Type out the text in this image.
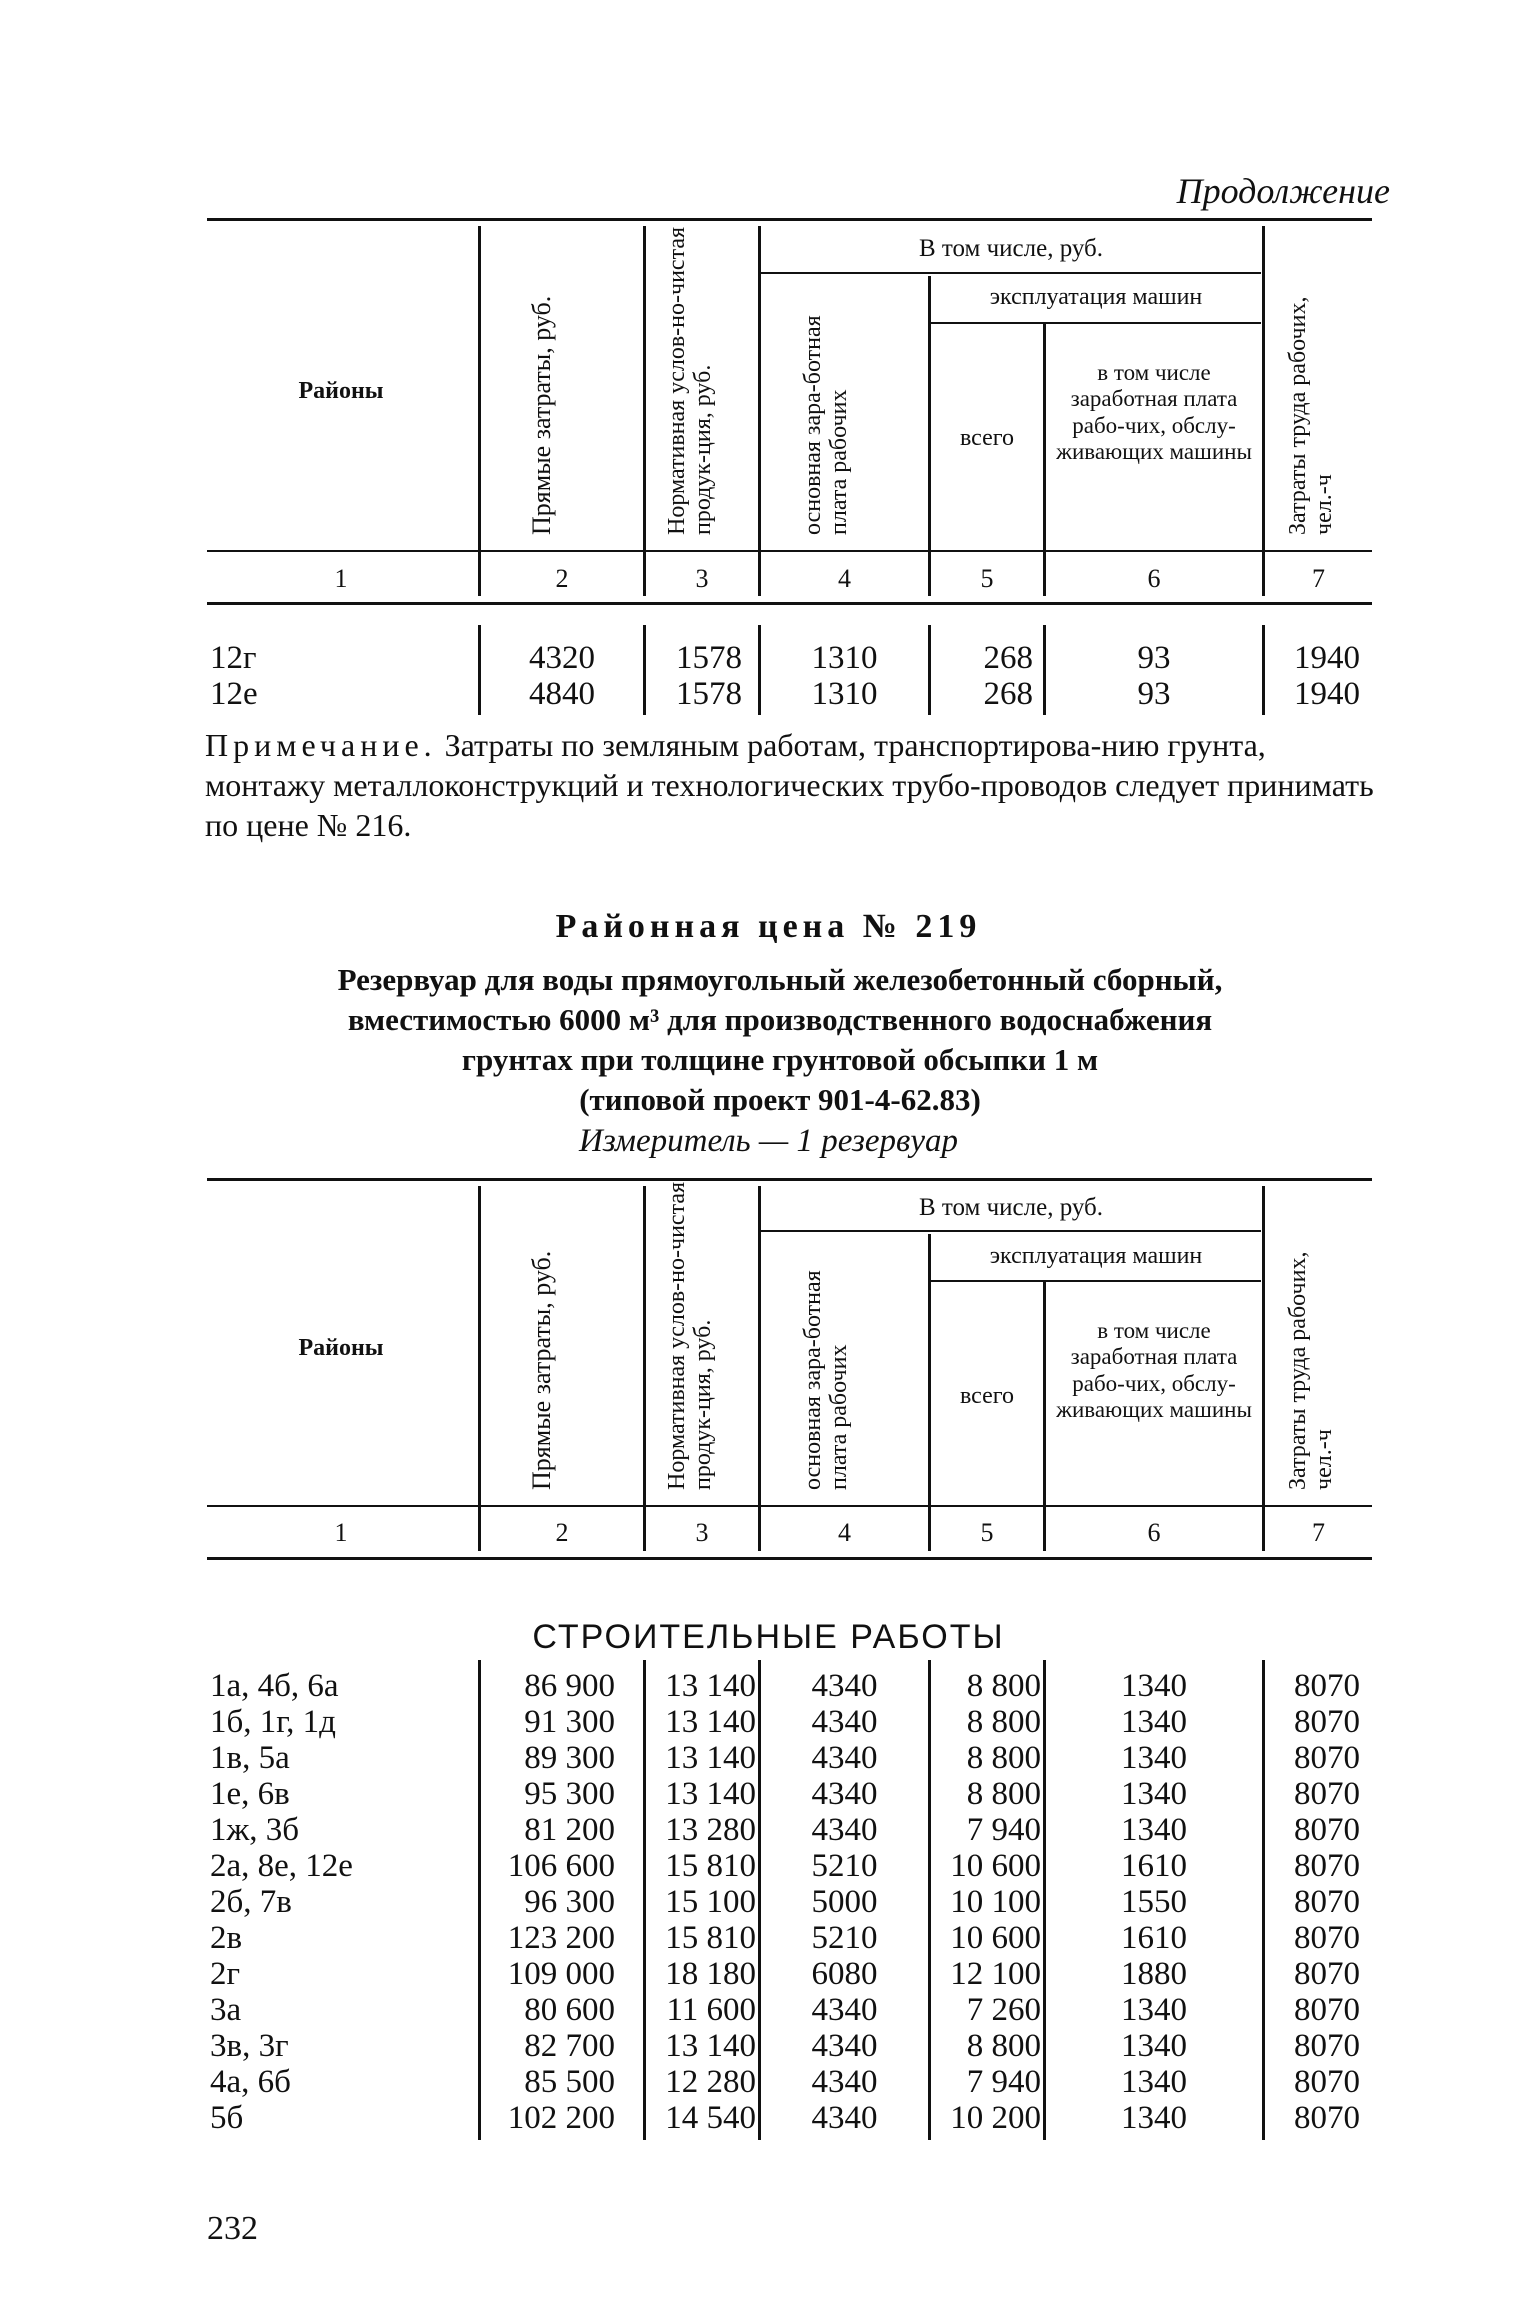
Продолжение
Районы	Прямые затраты, руб.	Нормативная услов-но-чистая продук-ция, руб.
В том числе, руб.
основная зара-ботная плата рабочих
эксплуатация машин
всего
в том числе заработная плата рабо-чих, обслу-живающих машины	Затраты труда рабочих, чел.-ч
1	2	3	4	5	6	7
12г	4320	1578	1310	268	93	1940
12е	4840	1578	1310	268	93	1940
Примечание. Затраты по земляным работам, транспортирова-нию грунта, монтажу металлоконструкций и технологических трубо-проводов следует принимать по цене № 216.
Районная цена № 219
Резервуар для воды прямоугольный железобетонный сборный,
вместимостью 6000 м³ для производственного водоснабжения
грунтах при толщине грунтовой обсыпки 1 м
(типовой проект 901-4-62.83)
Измеритель — 1 резервуар
Районы	Прямые затраты, руб.	Нормативная услов-но-чистая продук-ция, руб.
В том числе, руб.
основная зара-ботная плата рабочих
эксплуатация машин
всего
в том числе заработная плата рабо-чих, обслу-живающих машины	Затраты труда рабочих, чел.-ч
1	2	3	4	5	6	7
СТРОИТЕЛЬНЫЕ РАБОТЫ
1а, 4б, 6а	86 900	13 140	4340	8 800	1340	8070
1б, 1г, 1д	91 300	13 140	4340	8 800	1340	8070
1в, 5а	89 300	13 140	4340	8 800	1340	8070
1е, 6в	95 300	13 140	4340	8 800	1340	8070
1ж, 3б	81 200	13 280	4340	7 940	1340	8070
2а, 8е, 12е	106 600	15 810	5210	10 600	1610	8070
2б, 7в	96 300	15 100	5000	10 100	1550	8070
2в	123 200	15 810	5210	10 600	1610	8070
2г	109 000	18 180	6080	12 100	1880	8070
3а	80 600	11 600	4340	7 260	1340	8070
3в, 3г	82 700	13 140	4340	8 800	1340	8070
4а, 6б	85 500	12 280	4340	7 940	1340	8070
5б	102 200	14 540	4340	10 200	1340	8070
232
